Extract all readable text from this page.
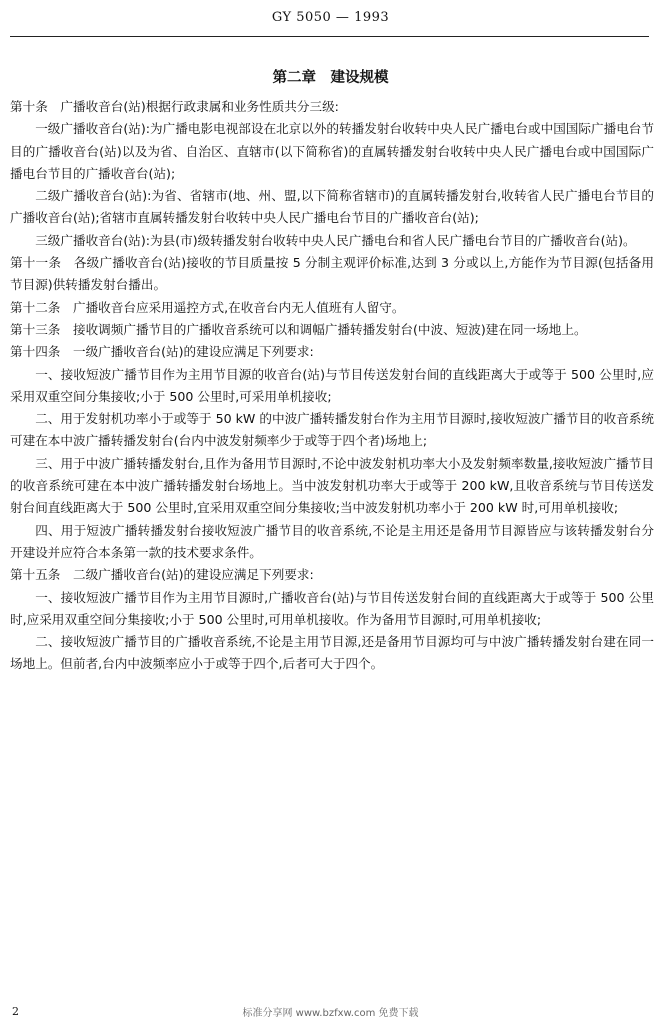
GY 5050 — 1993
第二章　建设规模

第十条　广播收音台(站)根据行政隶属和业务性质共分三级:

一级广播收音台(站):为广播电影电视部设在北京以外的转播发射台收转中央人民广播电台或中国国际广播电台节目的广播收音台(站)以及为省、自治区、直辖市(以下简称省)的直属转播发射台收转中央人民广播电台或中国国际广播电台节目的广播收音台(站);

二级广播收音台(站):为省、省辖市(地、州、盟,以下简称省辖市)的直属转播发射台,收转省人民广播电台节目的广播收音台(站);省辖市直属转播发射台收转中央人民广播电台节目的广播收音台(站);

三级广播收音台(站):为县(市)级转播发射台收转中央人民广播电台和省人民广播电台节目的广播收音台(站)。

第十一条　各级广播收音台(站)接收的节目质量按 5 分制主观评价标准,达到 3 分或以上,方能作为节目源(包括备用节目源)供转播发射台播出。

第十二条　广播收音台应采用遥控方式,在收音台内无人值班有人留守。

第十三条　接收调频广播节目的广播收音系统可以和调幅广播转播发射台(中波、短波)建在同一场地上。

第十四条　一级广播收音台(站)的建设应满足下列要求:

一、接收短波广播节目作为主用节目源的收音台(站)与节目传送发射台间的直线距离大于或等于 500 公里时,应采用双重空间分集接收;小于 500 公里时,可采用单机接收;

二、用于发射机功率小于或等于 50 kW 的中波广播转播发射台作为主用节目源时,接收短波广播节目的收音系统可建在本中波广播转播发射台(台内中波发射频率少于或等于四个者)场地上;

三、用于中波广播转播发射台,且作为备用节目源时,不论中波发射机功率大小及发射频率数量,接收短波广播节目的收音系统可建在本中波广播转播发射台场地上。当中波发射机功率大于或等于 200 kW,且收音系统与节目传送发射台间直线距离大于 500 公里时,宜采用双重空间分集接收;当中波发射机功率小于 200 kW 时,可用单机接收;

四、用于短波广播转播发射台接收短波广播节目的收音系统,不论是主用还是备用节目源皆应与该转播发射台分开建设并应符合本条第一款的技术要求条件。

第十五条　二级广播收音台(站)的建设应满足下列要求:

一、接收短波广播节目作为主用节目源时,广播收音台(站)与节目传送发射台间的直线距离大于或等于 500 公里时,应采用双重空间分集接收;小于 500 公里时,可用单机接收。作为备用节目源时,可用单机接收;

二、接收短波广播节目的广播收音系统,不论是主用节目源,还是备用节目源均可与中波广播转播发射台建在同一场地上。但前者,台内中波频率应小于或等于四个,后者可大于四个。

2	标准分享网 www.bzfxw.com 免费下载
